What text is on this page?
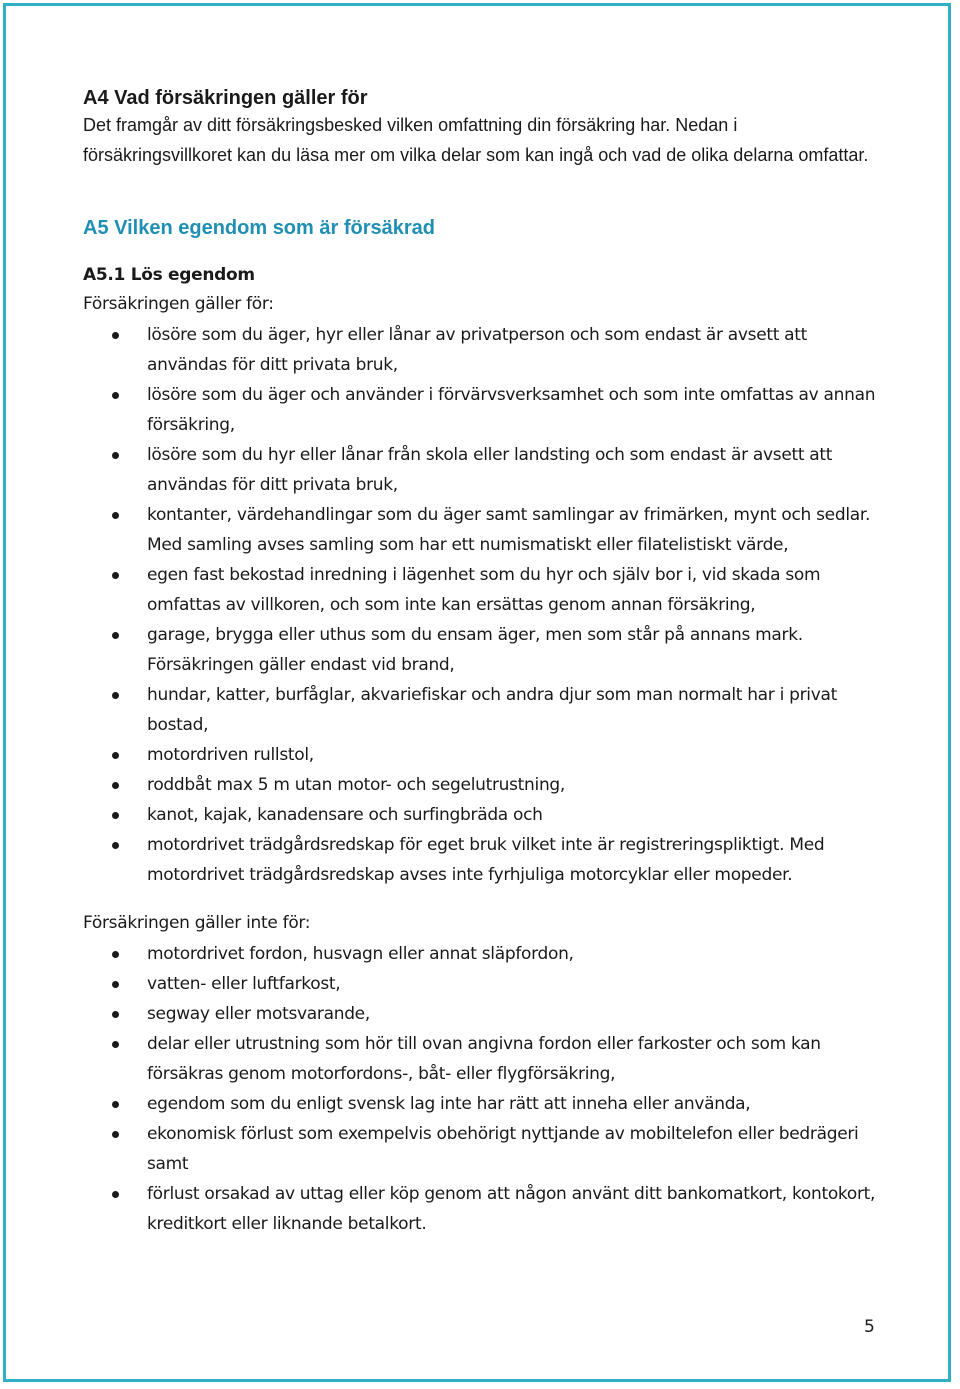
A4 Vad försäkringen gäller för

Det framgår av ditt försäkringsbesked vilken omfattning din försäkring har. Nedan i försäkringsvillkoret kan du läsa mer om vilka delar som kan ingå och vad de olika delarna omfattar.

A5 Vilken egendom som är försäkrad
A5.1 Lös egendom

Försäkringen gäller för:

lösöre som du äger, hyr eller lånar av privatperson och som endast är avsett att användas för ditt privata bruk,
lösöre som du äger och använder i förvärvsverksamhet och som inte omfattas av annan försäkring,
lösöre som du hyr eller lånar från skola eller landsting och som endast är avsett att användas för ditt privata bruk,
kontanter, värdehandlingar som du äger samt samlingar av frimärken, mynt och sedlar. Med samling avses samling som har ett numismatiskt eller filatelistiskt värde,
egen fast bekostad inredning i lägenhet som du hyr och själv bor i, vid skada som omfattas av villkoren, och som inte kan ersättas genom annan försäkring,
garage, brygga eller uthus som du ensam äger, men som står på annans mark. Försäkringen gäller endast vid brand,
hundar, katter, burfåglar, akvariefiskar och andra djur som man normalt har i privat bostad,
motordriven rullstol,
roddbåt max 5 m utan motor- och segelutrustning,
kanot, kajak, kanadensare och surfingbräda och
motordrivet trädgårdsredskap för eget bruk vilket inte är registreringspliktigt. Med motordrivet trädgårdsredskap avses inte fyrhjuliga motorcyklar eller mopeder.

Försäkringen gäller inte för:

motordrivet fordon, husvagn eller annat släpfordon,
vatten- eller luftfarkost,
segway eller motsvarande,
delar eller utrustning som hör till ovan angivna fordon eller farkoster och som kan försäkras genom motorfordons-, båt- eller flygförsäkring,
egendom som du enligt svensk lag inte har rätt att inneha eller använda,
ekonomisk förlust som exempelvis obehörigt nyttjande av mobiltelefon eller bedrägeri samt
förlust orsakad av uttag eller köp genom att någon använt ditt bankomatkort, kontokort, kreditkort eller liknande betalkort.
5
